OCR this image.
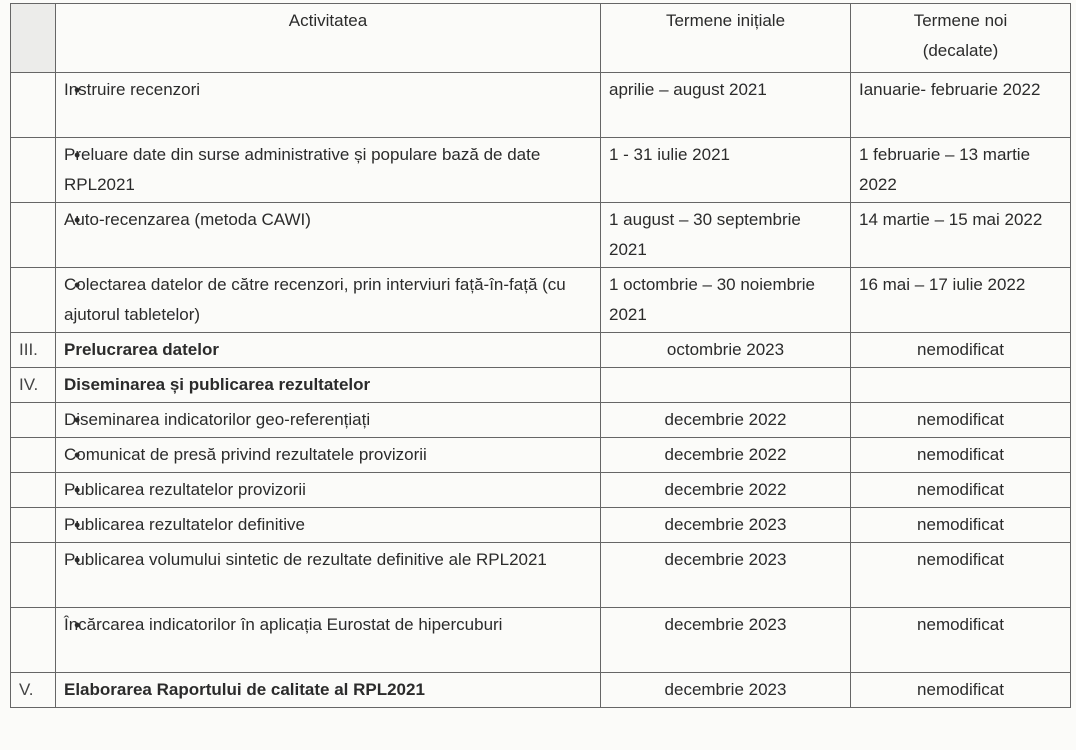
	Activitatea	Termene inițiale	Termene noi
(decalate)
	• Instruire recenzori	aprilie – august 2021	Ianuarie- februarie 2022
	• Preluare date din surse administrative și populare bază de date RPL2021	1 - 31 iulie 2021	1 februarie – 13 martie 2022
	• Auto-recenzarea (metoda CAWI)	1 august – 30 septembrie 2021	14 martie – 15 mai 2022
	• Colectarea datelor de către recenzori, prin interviuri față-în-față (cu ajutorul tabletelor)	1 octombrie – 30 noiembrie 2021	16 mai – 17 iulie 2022
III.	Prelucrarea datelor	octombrie 2023	nemodificat
IV.	Diseminarea și publicarea rezultatelor		
	• Diseminarea indicatorilor geo-referențiați	decembrie 2022	nemodificat
	• Comunicat de presă privind rezultatele provizorii	decembrie 2022	nemodificat
	• Publicarea rezultatelor provizorii	decembrie 2022	nemodificat
	• Publicarea rezultatelor definitive	decembrie 2023	nemodificat
	• Publicarea volumului sintetic de rezultate definitive ale RPL2021	decembrie 2023	nemodificat
	• Încărcarea indicatorilor în aplicația Eurostat de hipercuburi	decembrie 2023	nemodificat
V.	Elaborarea Raportului de calitate al RPL2021	decembrie 2023	nemodificat
